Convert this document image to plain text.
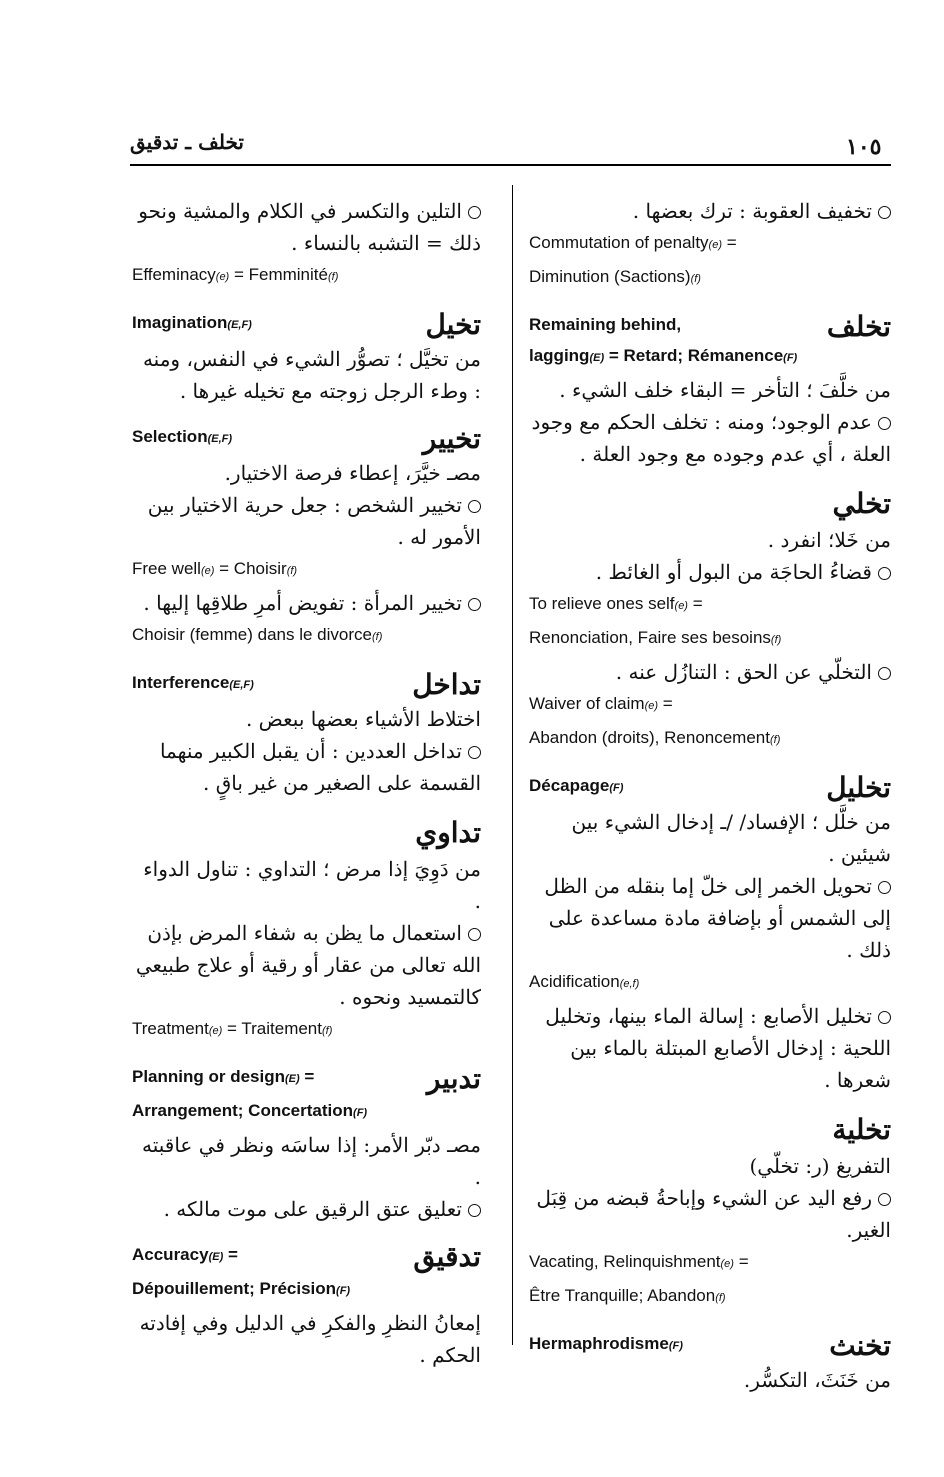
١٠٥
تخلف ـ تدقيق
تخفيف العقوبة : ترك بعضها .
Commutation of penalty(e) =
Diminution (Sactions)(f)
Remaining behind,
lagging(E) = Retard; Rémanence(F)
تخلف
من خلَّفَ ؛ التأخر = البقاء خلف الشيء .
عدم الوجود؛ ومنه : تخلف الحكم مع وجود العلة ، أي عدم وجوده مع وجود العلة .
تخلي
من خَلا؛ انفرد .
قضاءُ الحاجَة من البول أو الغائط .
To relieve ones self(e) =
Renonciation, Faire ses besoins(f)
التخلّي عن الحق : التنازُل عنه .
Waiver of claim(e) =
Abandon (droits), Renoncement(f)
Décapage(F)	تخليل
من خلَّل ؛ الإفساد/ /ـ إدخال الشيء بين شيئين .
تحويل الخمر إلى خلّ إما بنقله من الظل إلى الشمس أو بإضافة مادة مساعدة على ذلك .
Acidification(e,f)
تخليل الأصابع : إسالة الماء بينها، وتخليل اللحية : إدخال الأصابع المبتلة بالماء بين شعرها .
تخلية
التفريغ (ر: تخلّي)
رفع اليد عن الشيء وإباحةُ قبضه من قِبَل الغير.
Vacating, Relinquishment(e) =
Être Tranquille; Abandon(f)
Hermaphrodisme(F)	تخنث
من خَنَثَ، التكسُّر.
التلين والتكسر في الكلام والمشية ونحو ذلك = التشبه بالنساء .
Effeminacy(e) = Femminité(f)
Imagination(E,F)	تخيل
من تخيَّل ؛ تصوُّر الشيء في النفس، ومنه : وطء الرجل زوجته مع تخيله غيرها .
Selection(E,F)	تخيير
مصـ خيَّرَ، إعطاء فرصة الاختيار.
تخيير الشخص : جعل حرية الاختيار بين الأمور له .
Free well(e) = Choisir(f)
تخيير المرأة : تفويض أمرِ طلاقِها إليها .
Choisir (femme) dans le divorce(f)
Interference(E,F)	تداخل
اختلاط الأشياء بعضها ببعض .
تداخل العددين : أن يقبل الكبير منهما القسمة على الصغير من غير باقٍ .
تداوي
من دَوِيَ إذا مرض ؛ التداوي : تناول الدواء .
استعمال ما يظن به شفاء المرض بإذن الله تعالى من عقار أو رقية أو علاج طبيعي كالتمسيد ونحوه .
Treatment(e) = Traitement(f)
Planning or design(E) =
Arrangement; Concertation(F)
تدبير
مصـ دبّر الأمر: إذا ساسَه ونظر في عاقبته .
تعليق عتق الرقيق على موت مالكه .
Accuracy(E) =
Dépouillement; Précision(F)
تدقيق
إمعانُ النظرِ والفكرِ في الدليل وفي إفادته الحكم .
